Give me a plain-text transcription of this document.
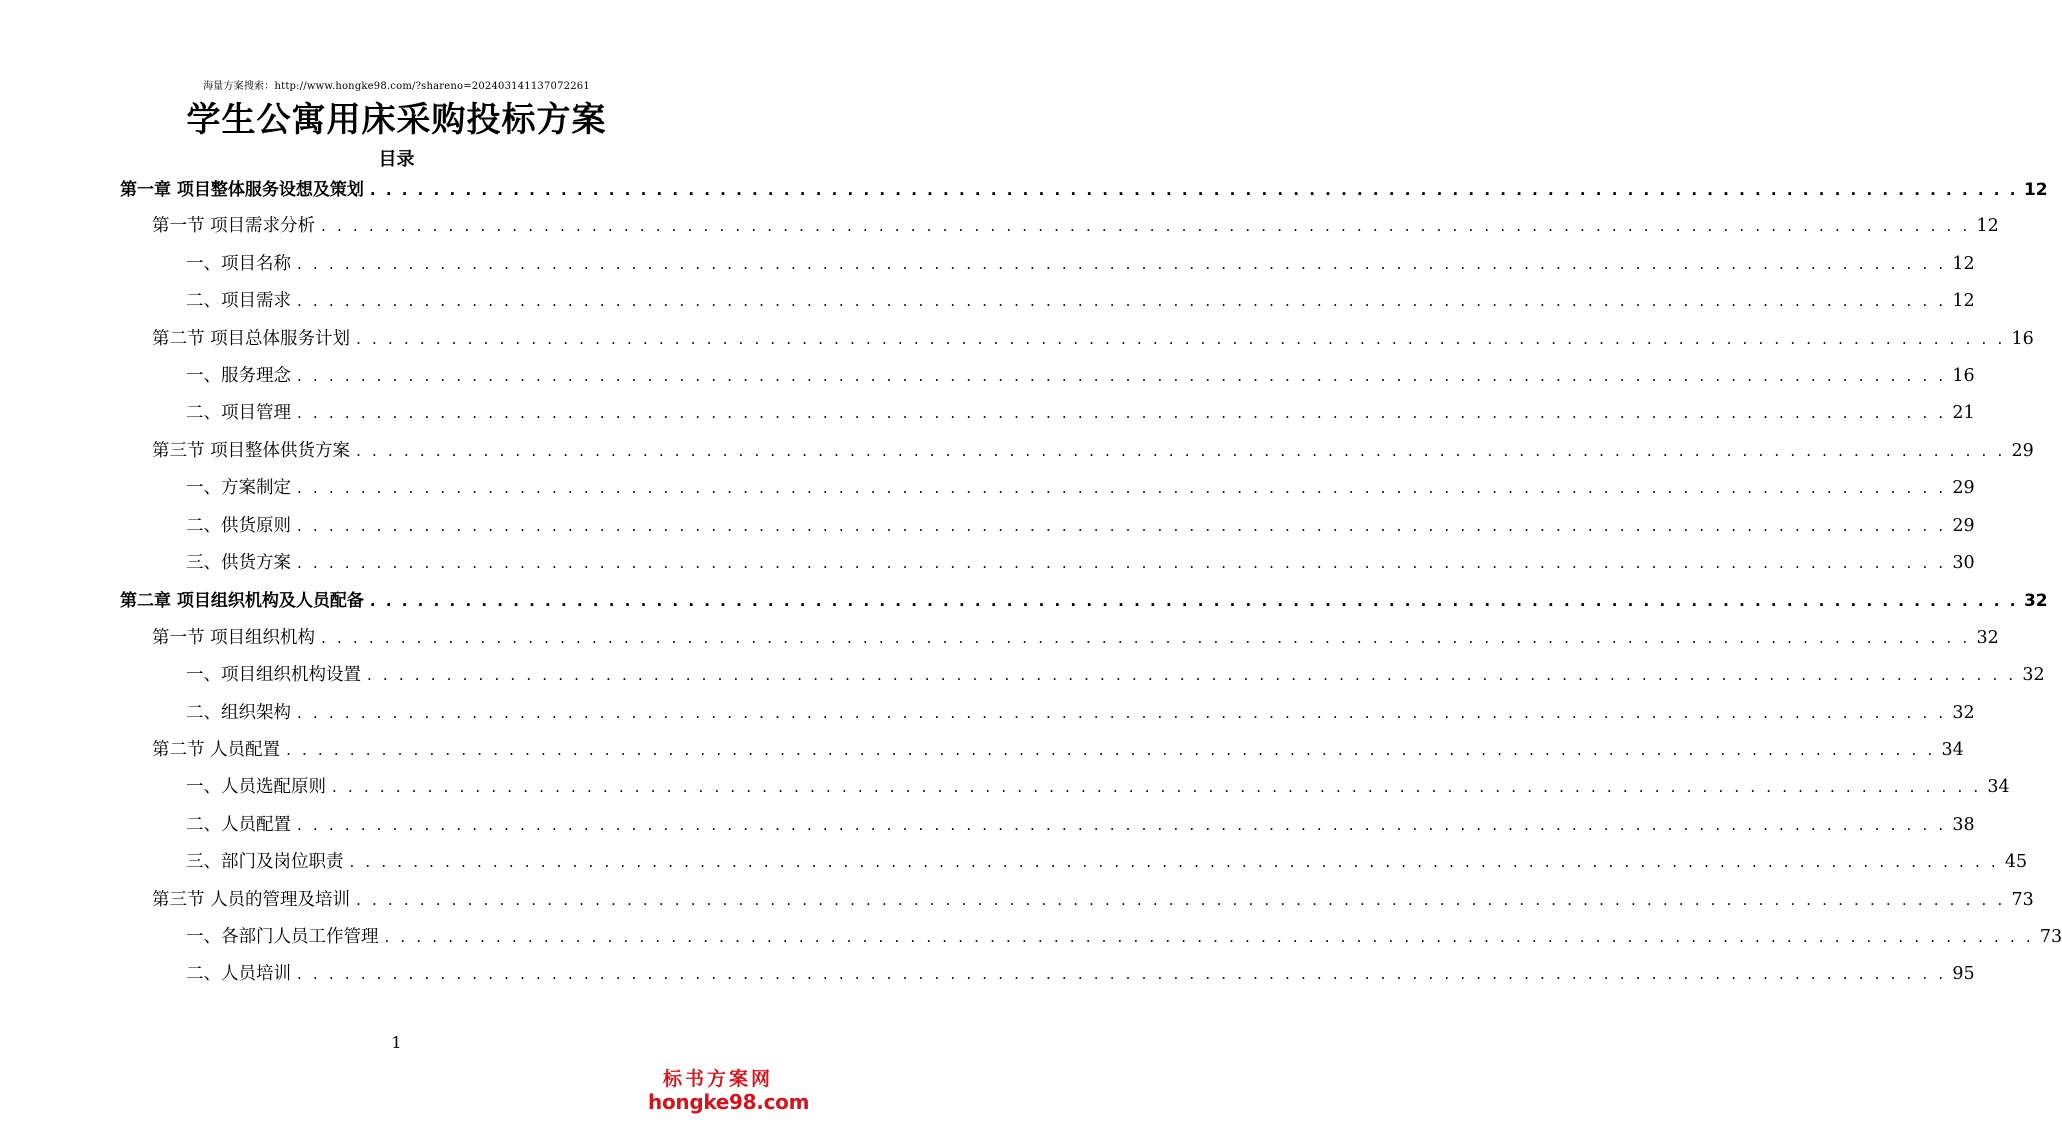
海量方案搜索：http://www.hongke98.com/?shareno=202403141137072261
学生公寓用床采购投标方案
目录
第一章 项目整体服务设想及策划 . . .	12
第一节 项目需求分析 . . .	12
一、项目名称 . . .	12
二、项目需求 . . .	12
第二节 项目总体服务计划 . . .	16
一、服务理念 . . .	16
二、项目管理 . . .	21
第三节 项目整体供货方案 . . .	29
一、方案制定 . . .	29
二、供货原则 . . .	29
三、供货方案 . . .	30
第二章 项目组织机构及人员配备 . . .	32
第一节 项目组织机构 . . .	32
一、项目组织机构设置 . . .	32
二、组织架构 . . .	32
第二节 人员配置 . . .	34
一、人员选配原则 . . .	34
二、人员配置 . . .	38
三、部门及岗位职责 . . .	45
第三节 人员的管理及培训 . . .	73
一、各部门人员工作管理 . . .	73
二、人员培训 . . .	95
1
标书方案网
hongke98.com
